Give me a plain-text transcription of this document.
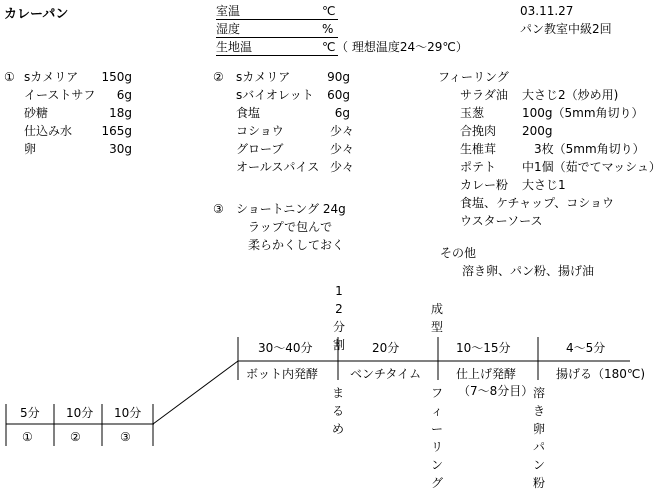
カレーパン	室温	℃
湿度	%
生地温	℃ （ 理想温度24〜29℃）
03.11.27
パン教室中級2回
① sカメリア	150g
イーストサフ	6g
砂糖	18g
仕込み水	165g
卵	30g
② sカメリア	90g
sバイオレット	60g
食塩	6g
コショウ	少々
グローブ	少々
オールスパイス 少々
③ ショートニング 24g
ラップで包んで
柔らかくしておく
フィーリング
サラダ油 大さじ2（炒め用)
玉葱	100g（5mm角切り）
合挽肉 200g
生椎茸	3枚（5mm角切り）
ポテト 中1個（茹でてマッシュ）
カレー粉 大さじ1
食塩、ケチャップ、コショウ
ウスターソース
その他
溶き卵、パン粉、揚げ油
5分 10分 10分
①	②	③
12分割
成型
30〜40分	20分	10〜15分	4〜5分
ボット内発酵	ベンチタイム	仕上げ発酵	揚げる（180℃)
（7〜8分目）
まるめ
フィーリング
溶き卵パン粉
